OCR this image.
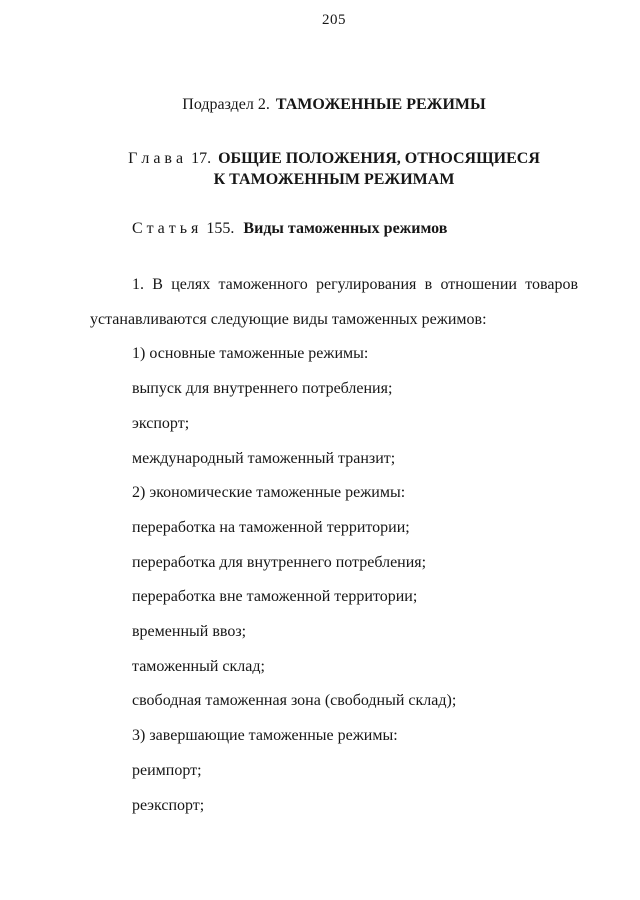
205
Подраздел 2. ТАМОЖЕННЫЕ РЕЖИМЫ
Г л а в а  17. ОБЩИЕ ПОЛОЖЕНИЯ, ОТНОСЯЩИЕСЯ
К ТАМОЖЕННЫМ РЕЖИМАМ
С т а т ь я  155. Виды таможенных режимов
1. В целях таможенного регулирования в отношении товаров
устанавливаются следующие виды таможенных режимов:
1) основные таможенные режимы:
выпуск для внутреннего потребления;
экспорт;
международный таможенный транзит;
2) экономические таможенные режимы:
переработка на таможенной территории;
переработка для внутреннего потребления;
переработка вне таможенной территории;
временный ввоз;
таможенный склад;
свободная таможенная зона (свободный склад);
3) завершающие таможенные режимы:
реимпорт;
реэкспорт;
